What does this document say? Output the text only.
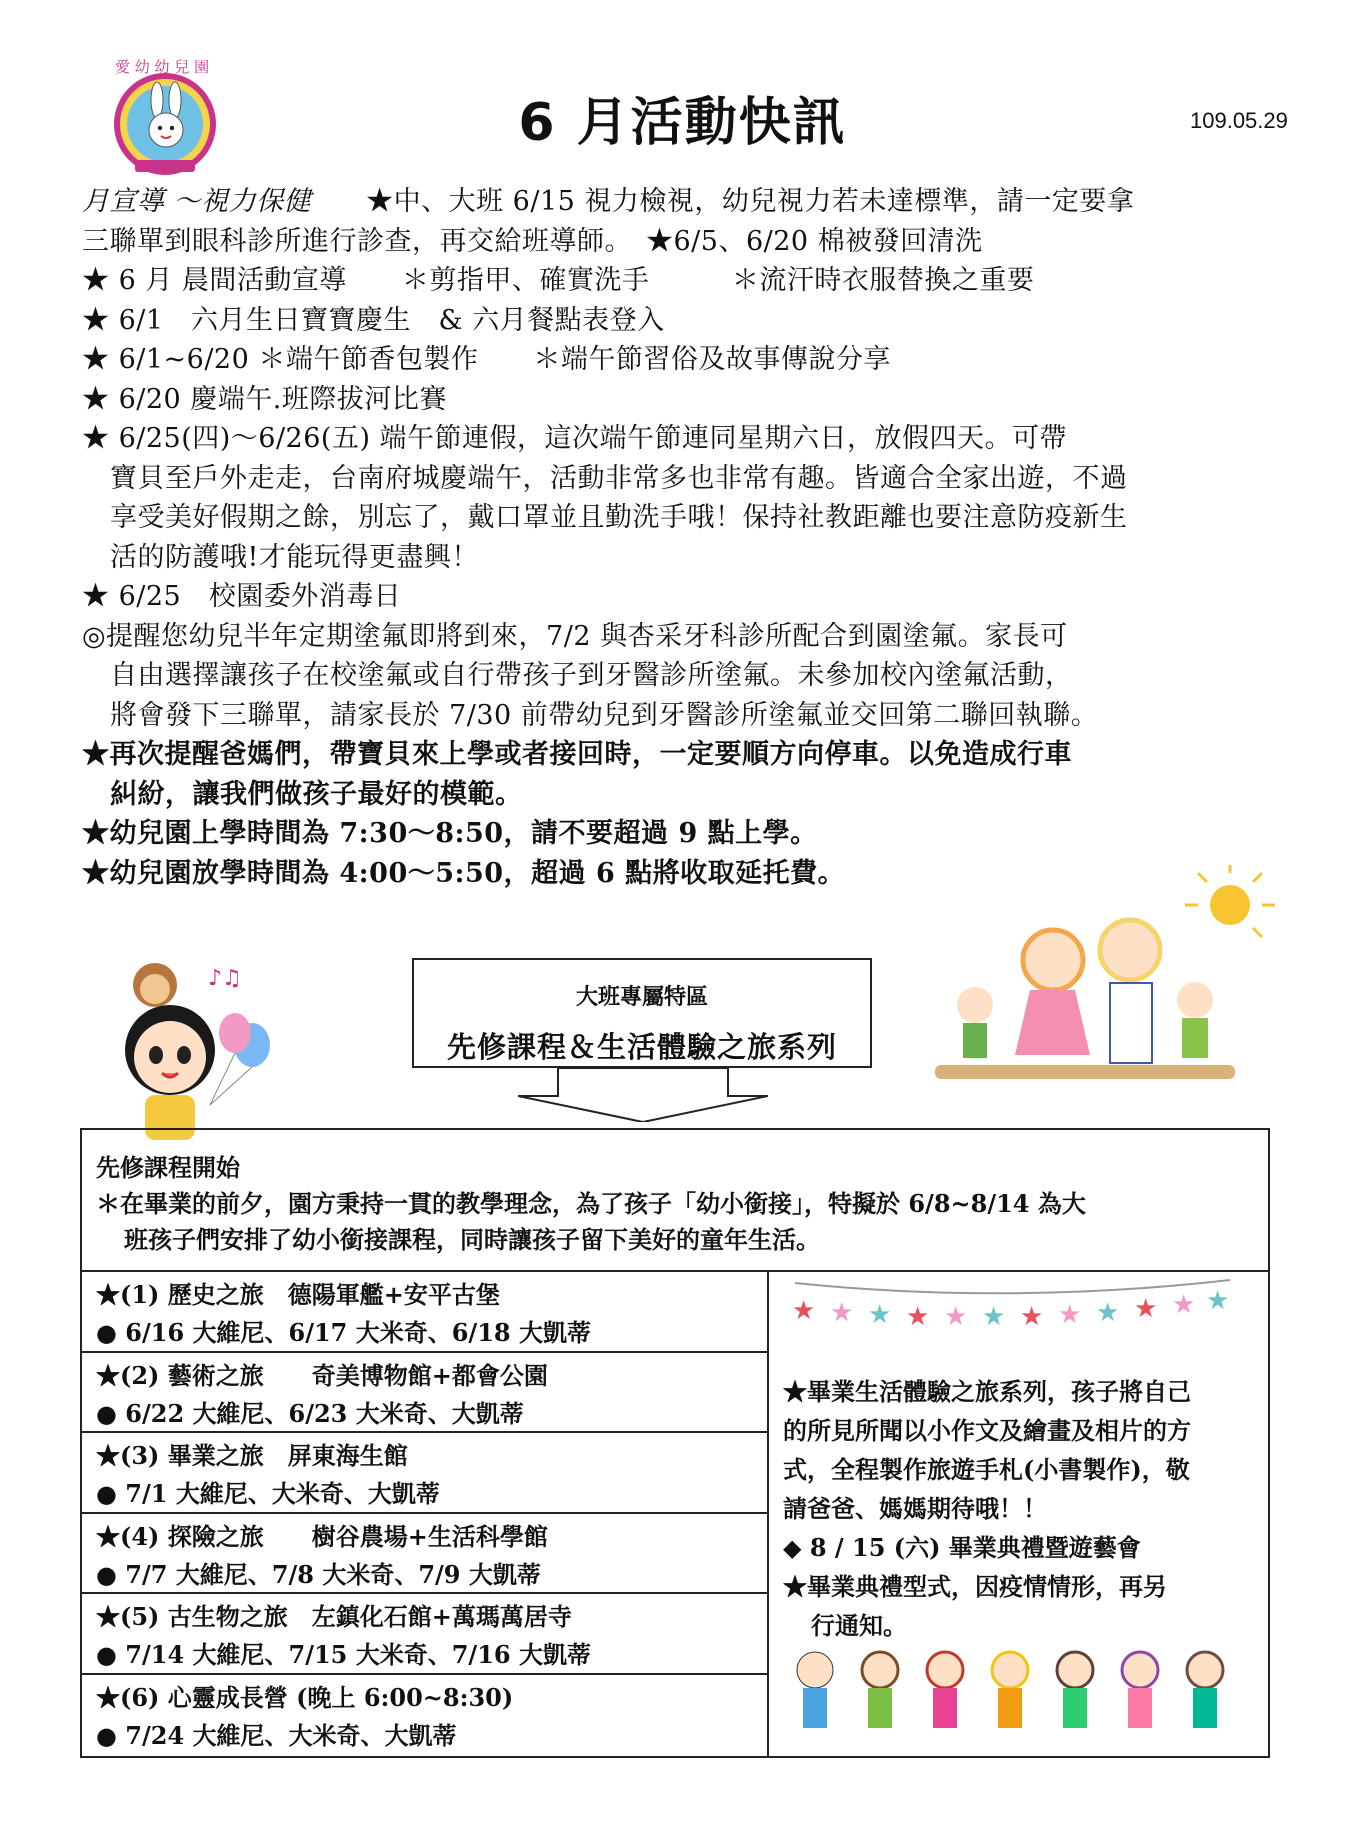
愛 幼 幼 兒 園
6 月活動快訊	109.05.29

月宣導 ～視力保健　　 ★中、大班 6/15 視力檢視，幼兒視力若未達標準，請一定要拿

三聯單到眼科診所進行診查，再交給班導師。　★6/5、6/20 棉被發回清洗

★ 6 月 晨間活動宣導　　＊剪指甲、確實洗手　　　＊流汗時衣服替換之重要

★ 6/1　六月生日寶寶慶生　& 六月餐點表登入

★ 6/1~6/20 ＊端午節香包製作　　＊端午節習俗及故事傳說分享

★ 6/20 慶端午.班際拔河比賽

★ 6/25(四)～6/26(五) 端午節連假，這次端午節連同星期六日，放假四天。可帶

寶貝至戶外走走，台南府城慶端午，活動非常多也非常有趣。皆適合全家出遊，不過

享受美好假期之餘，別忘了，戴口罩並且勤洗手哦！保持社教距離也要注意防疫新生

活的防護哦!才能玩得更盡興！

★ 6/25　校園委外消毒日

◎提醒您幼兒半年定期塗氟即將到來，7/2 與杏采牙科診所配合到園塗氟。家長可

自由選擇讓孩子在校塗氟或自行帶孩子到牙醫診所塗氟。未參加校內塗氟活動，

將會發下三聯單，請家長於 7/30 前帶幼兒到牙醫診所塗氟並交回第二聯回執聯。

★再次提醒爸媽們，帶寶貝來上學或者接回時，一定要順方向停車。以免造成行車

糾紛，讓我們做孩子最好的模範。

★幼兒園上學時間為 7:30～8:50，請不要超過 9 點上學。

★幼兒園放學時間為 4:00～5:50，超過 6 點將收取延托費。

♪♫
大班專屬特區
先修課程＆生活體驗之旅系列

先修課程開始

＊在畢業的前夕，園方秉持一貫的教學理念，為了孩子「幼小銜接」，特擬於 6/8~8/14 為大

班孩子們安排了幼小銜接課程，同時讓孩子留下美好的童年生活。

★(1) 歷史之旅　德陽軍艦+安平古堡
● 6/16 大維尼、6/17 大米奇、6/18 大凱蒂
★(2) 藝術之旅　　奇美博物館+都會公園
● 6/22 大維尼、6/23 大米奇、大凱蒂
★(3) 畢業之旅　屏東海生館
● 7/1 大維尼、大米奇、大凱蒂
★(4) 探險之旅　　樹谷農場+生活科學館
● 7/7 大維尼、7/8 大米奇、7/9 大凱蒂
★(5) 古生物之旅　左鎮化石館+萬瑪萬居寺
● 7/14 大維尼、7/15 大米奇、7/16 大凱蒂
★(6) 心靈成長營 (晚上 6:00~8:30)
● 7/24 大維尼、大米奇、大凱蒂

★畢業生活體驗之旅系列，孩子將自己

的所見所聞以小作文及繪畫及相片的方

式，全程製作旅遊手札(小書製作)，敬

請爸爸、媽媽期待哦！！

◆ 8 / 15 (六) 畢業典禮暨遊藝會

★畢業典禮型式，因疫情情形，再另

行通知。

★ ★ ★ ★ ★ ★ ★ ★ ★ ★ ★ ★
